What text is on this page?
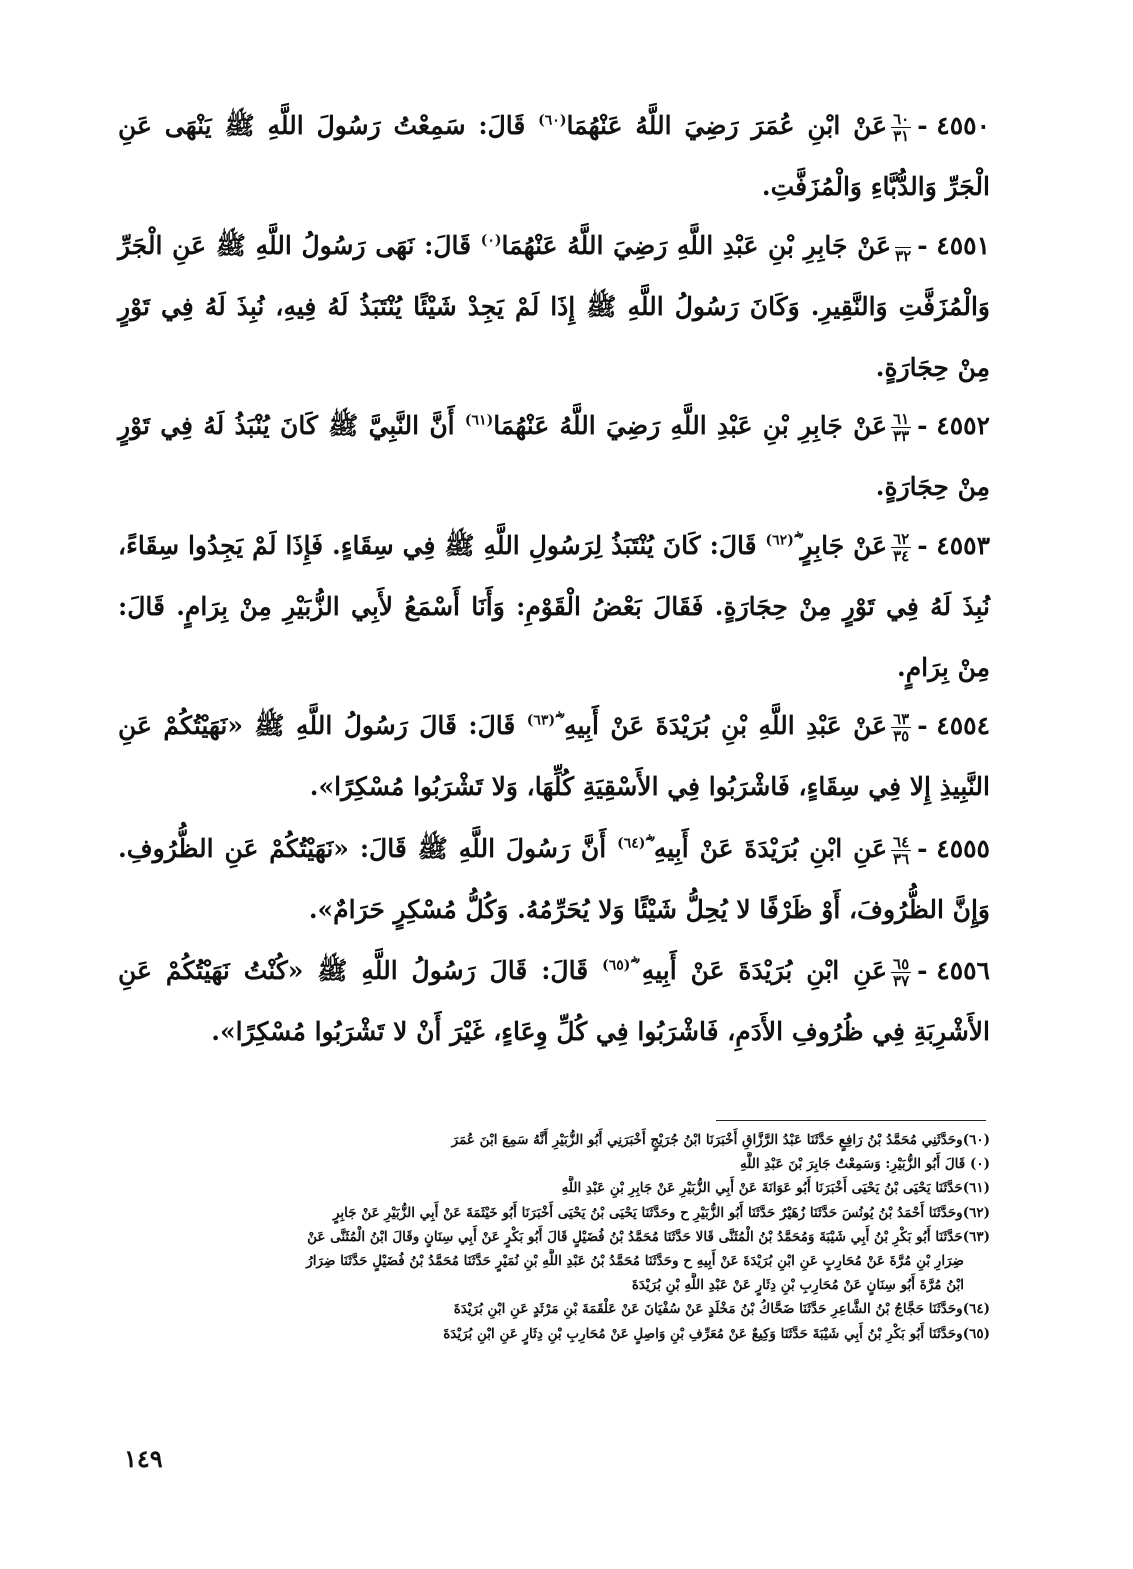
٤٥٥٠ -
٦٠
٣١
عَنْ ابْنِ عُمَرَ رَضِيَ اللَّهُ عَنْهُمَا$^{(٦٠)}$ قَالَ: سَمِعْتُ رَسُولَ اللَّهِ ﷺ يَنْهَى عَنِ الْجَرِّ وَالدُّبَّاءِ وَالْمُزَفَّتِ.
٤٥٥١ -

٣٢
عَنْ جَابِرِ بْنِ عَبْدِ اللَّهِ رَضِيَ اللَّهُ عَنْهُمَا$^{(٠)}$ قَالَ: نَهَى رَسُولُ اللَّهِ ﷺ عَنِ الْجَرِّ وَالْمُزَفَّتِ وَالنَّقِيرِ. وَكَانَ رَسُولُ اللَّهِ ﷺ إِذَا لَمْ يَجِدْ شَيْئًا يُنْتَبَذُ لَهُ فِيهِ، نُبِذَ لَهُ فِي تَوْرٍ مِنْ حِجَارَةٍ.
٤٥٥٢ -
٦١
٣٣
عَنْ جَابِرِ بْنِ عَبْدِ اللَّهِ رَضِيَ اللَّهُ عَنْهُمَا$^{(٦١)}$ أَنَّ النَّبِيَّ ﷺ كَانَ يُنْبَذُ لَهُ فِي تَوْرٍ مِنْ حِجَارَةٍ.
٤٥٥٣ -
٦٢
٣٤
عَنْ جَابِرٍ ؓ$^{(٦٢)}$ قَالَ: كَانَ يُنْتَبَذُ لِرَسُولِ اللَّهِ ﷺ فِي سِقَاءٍ. فَإِذَا لَمْ يَجِدُوا سِقَاءً، نُبِذَ لَهُ فِي تَوْرٍ مِنْ حِجَارَةٍ. فَقَالَ بَعْضُ الْقَوْمِ: وَأَنَا أَسْمَعُ لأَبِي الزُّبَيْرِ مِنْ بِرَامٍ. قَالَ: مِنْ بِرَامٍ.
٤٥٥٤ -
٦٣
٣٥
عَنْ عَبْدِ اللَّهِ بْنِ بُرَيْدَةَ عَنْ أَبِيهِ ؓ$^{(٦٣)}$ قَالَ: قَالَ رَسُولُ اللَّهِ ﷺ «نَهَيْتُكُمْ عَنِ النَّبِيذِ إِلا فِي سِقَاءٍ، فَاشْرَبُوا فِي الأَسْقِيَةِ كُلِّهَا، وَلا تَشْرَبُوا مُسْكِرًا».
٤٥٥٥ -
٦٤
٣٦
عَنِ ابْنِ بُرَيْدَةَ عَنْ أَبِيهِ ؓ$^{(٦٤)}$ أَنَّ رَسُولَ اللَّهِ ﷺ قَالَ: «نَهَيْتُكُمْ عَنِ الظُّرُوفِ. وَإِنَّ الظُّرُوفَ، أَوْ ظَرْفًا لا يُحِلُّ شَيْئًا وَلا يُحَرِّمُهُ. وَكُلُّ مُسْكِرٍ حَرَامٌ».
٤٥٥٦ -
٦٥
٣٧
عَنِ ابْنِ بُرَيْدَةَ عَنْ أَبِيهِ ؓ$^{(٦٥)}$ قَالَ: قَالَ رَسُولُ اللَّهِ ﷺ «كُنْتُ نَهَيْتُكُمْ عَنِ الأَشْرِبَةِ فِي ظُرُوفِ الأَدَمِ، فَاشْرَبُوا فِي كُلِّ وِعَاءٍ، غَيْرَ أَنْ لا تَشْرَبُوا مُسْكِرًا».
(٦٠)وحَدَّثَنِي مُحَمَّدُ بْنُ رَافِعٍ حَدَّثَنَا عَبْدُ الرَّزَّاقِ أَخْبَرَنَا ابْنُ جُرَيْجٍ أَخْبَرَنِي أَبُو الزُّبَيْرِ أَنَّهُ سَمِعَ ابْنَ عُمَرَ
(٠) قَالَ أَبُو الزُّبَيْرِ: وَسَمِعْتُ جَابِرَ بْنَ عَبْدِ اللَّهِ
(٦١)حَدَّثَنَا يَحْيَى بْنُ يَحْيَى أَخْبَرَنَا أَبُو عَوَانَةَ عَنْ أَبِي الزُّبَيْرِ عَنْ جَابِرِ بْنِ عَبْدِ اللَّهِ
(٦٢)وحَدَّثَنَا أَحْمَدُ بْنُ يُونُسَ حَدَّثَنَا زُهَيْرٌ حَدَّثَنَا أَبُو الزُّبَيْرِ ح وحَدَّثَنَا يَحْيَى بْنُ يَحْيَى أَخْبَرَنَا أَبُو خَيْثَمَةَ عَنْ أَبِي الزُّبَيْرِ عَنْ جَابِرٍ
(٦٣)حَدَّثَنَا أَبُو بَكْرِ بْنُ أَبِي شَيْبَةَ وَمُحَمَّدُ بْنُ الْمُثَنَّى قَالا حَدَّثَنَا مُحَمَّدُ بْنُ فُضَيْلٍ قَالَ أَبُو بَكْرٍ عَنْ أَبِي سِنَانٍ وقَالَ ابْنُ الْمُثَنَّى عَنْ
ضِرَارِ بْنِ مُرَّةَ عَنْ مُحَارِبٍ عَنِ ابْنِ بُرَيْدَةَ عَنْ أَبِيهِ ح وحَدَّثَنَا مُحَمَّدُ بْنُ عَبْدِ اللَّهِ بْنِ نُمَيْرٍ حَدَّثَنَا مُحَمَّدُ بْنُ فُضَيْلٍ حَدَّثَنَا ضِرَارُ
ابْنُ مُرَّةَ أَبُو سِنَانٍ عَنْ مُحَارِبِ بْنِ دِثَارٍ عَنْ عَبْدِ اللَّهِ بْنِ بُرَيْدَةَ
(٦٤)وحَدَّثَنَا حَجَّاجُ بْنُ الشَّاعِرِ حَدَّثَنَا ضَحَّاكُ بْنُ مَخْلَدٍ عَنْ سُفْيَانَ عَنْ عَلْقَمَةَ بْنِ مَرْثَدٍ عَنِ ابْنِ بُرَيْدَةَ
(٦٥)وحَدَّثَنَا أَبُو بَكْرِ بْنُ أَبِي شَيْبَةَ حَدَّثَنَا وَكِيعٌ عَنْ مُعَرِّفِ بْنِ وَاصِلٍ عَنْ مُحَارِبِ بْنِ دِثَارٍ عَنِ ابْنِ بُرَيْدَةَ
١٤٩
